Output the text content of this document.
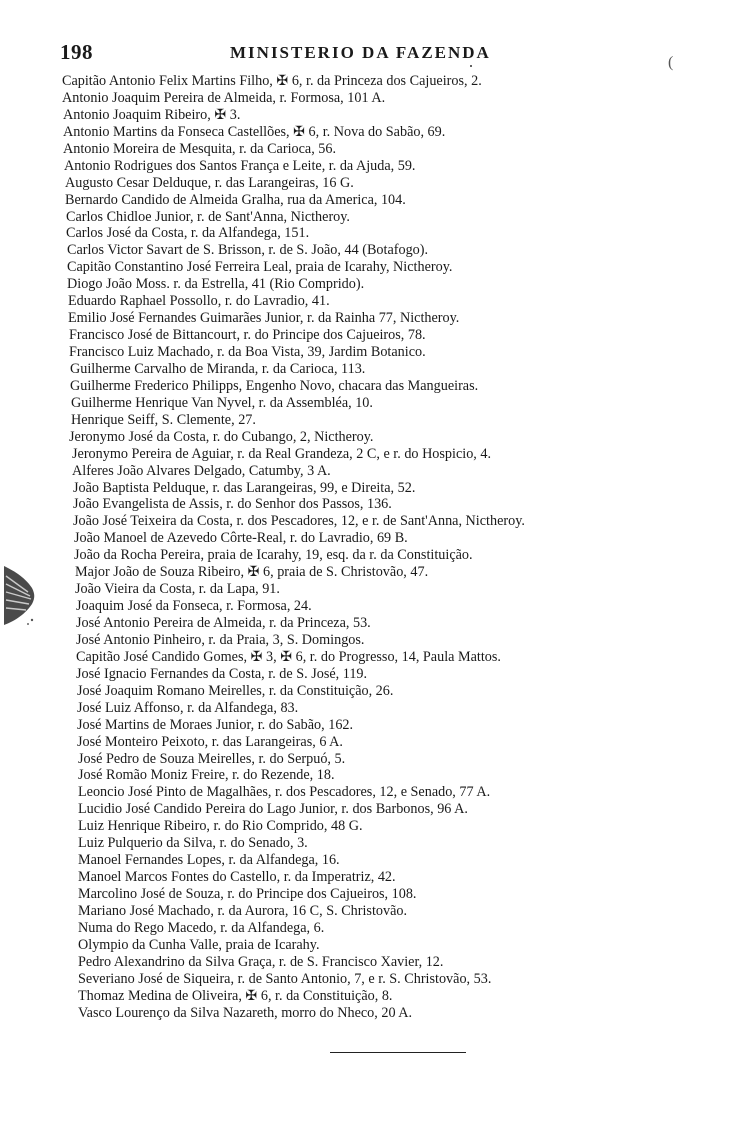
198	MINISTERIO DA FAZENDA
(
Capitão Antonio Felix Martins Filho, ✠ 6, r. da Princeza dos Cajueiros, 2.
Antonio Joaquim Pereira de Almeida, r. Formosa, 101 A.
Antonio Joaquim Ribeiro, ✠ 3.
Antonio Martins da Fonseca Castellões, ✠ 6, r. Nova do Sabão, 69.
Antonio Moreira de Mesquita, r. da Carioca, 56.
Antonio Rodrigues dos Santos França e Leite, r. da Ajuda, 59.
Augusto Cesar Delduque, r. das Larangeiras, 16 G.
Bernardo Candido de Almeida Gralha, rua da America, 104.
Carlos Chidloe Junior, r. de Sant'Anna, Nictheroy.
Carlos José da Costa, r. da Alfandega, 151.
Carlos Victor Savart de S. Brisson, r. de S. João, 44 (Botafogo).
Capitão Constantino José Ferreira Leal, praia de Icarahy, Nictheroy.
Diogo João Moss. r. da Estrella, 41 (Rio Comprido).
Eduardo Raphael Possollo, r. do Lavradio, 41.
Emilio José Fernandes Guimarães Junior, r. da Rainha 77, Nictheroy.
Francisco José de Bittancourt, r. do Principe dos Cajueiros, 78.
Francisco Luiz Machado, r. da Boa Vista, 39, Jardim Botanico.
Guilherme Carvalho de Miranda, r. da Carioca, 113.
Guilherme Frederico Philipps, Engenho Novo, chacara das Mangueiras.
Guilherme Henrique Van Nyvel, r. da Assembléa, 10.
Henrique Seiff, S. Clemente, 27.
Jeronymo José da Costa, r. do Cubango, 2, Nictheroy.
Jeronymo Pereira de Aguiar, r. da Real Grandeza, 2 C, e r. do Hospicio, 4.
Alferes João Alvares Delgado, Catumby, 3 A.
João Baptista Pelduque, r. das Larangeiras, 99, e Direita, 52.
João Evangelista de Assis, r. do Senhor dos Passos, 136.
João José Teixeira da Costa, r. dos Pescadores, 12, e r. de Sant'Anna, Nictheroy.
João Manoel de Azevedo Côrte-Real, r. do Lavradio, 69 B.
João da Rocha Pereira, praia de Icarahy, 19, esq. da r. da Constituição.
Major João de Souza Ribeiro, ✠ 6, praia de S. Christovão, 47.
João Vieira da Costa, r. da Lapa, 91.
Joaquim José da Fonseca, r. Formosa, 24.
José Antonio Pereira de Almeida, r. da Princeza, 53.
José Antonio Pinheiro, r. da Praia, 3, S. Domingos.
Capitão José Candido Gomes, ✠ 3, ✠ 6, r. do Progresso, 14, Paula Mattos.
José Ignacio Fernandes da Costa, r. de S. José, 119.
José Joaquim Romano Meirelles, r. da Constituição, 26.
José Luiz Affonso, r. da Alfandega, 83.
José Martins de Moraes Junior, r. do Sabão, 162.
José Monteiro Peixoto, r. das Larangeiras, 6 A.
José Pedro de Souza Meirelles, r. do Serpuó, 5.
José Romão Moniz Freire, r. do Rezende, 18.
Leoncio José Pinto de Magalhães, r. dos Pescadores, 12, e Senado, 77 A.
Lucidio José Candido Pereira do Lago Junior, r. dos Barbonos, 96 A.
Luiz Henrique Ribeiro, r. do Rio Comprido, 48 G.
Luiz Pulquerio da Silva, r. do Senado, 3.
Manoel Fernandes Lopes, r. da Alfandega, 16.
Manoel Marcos Fontes do Castello, r. da Imperatriz, 42.
Marcolino José de Souza, r. do Principe dos Cajueiros, 108.
Mariano José Machado, r. da Aurora, 16 C, S. Christovão.
Numa do Rego Macedo, r. da Alfandega, 6.
Olympio da Cunha Valle, praia de Icarahy.
Pedro Alexandrino da Silva Graça, r. de S. Francisco Xavier, 12.
Severiano José de Siqueira, r. de Santo Antonio, 7, e r. S. Christovão, 53.
Thomaz Medina de Oliveira, ✠ 6, r. da Constituição, 8.
Vasco Lourenço da Silva Nazareth, morro do Nheco, 20 A.
